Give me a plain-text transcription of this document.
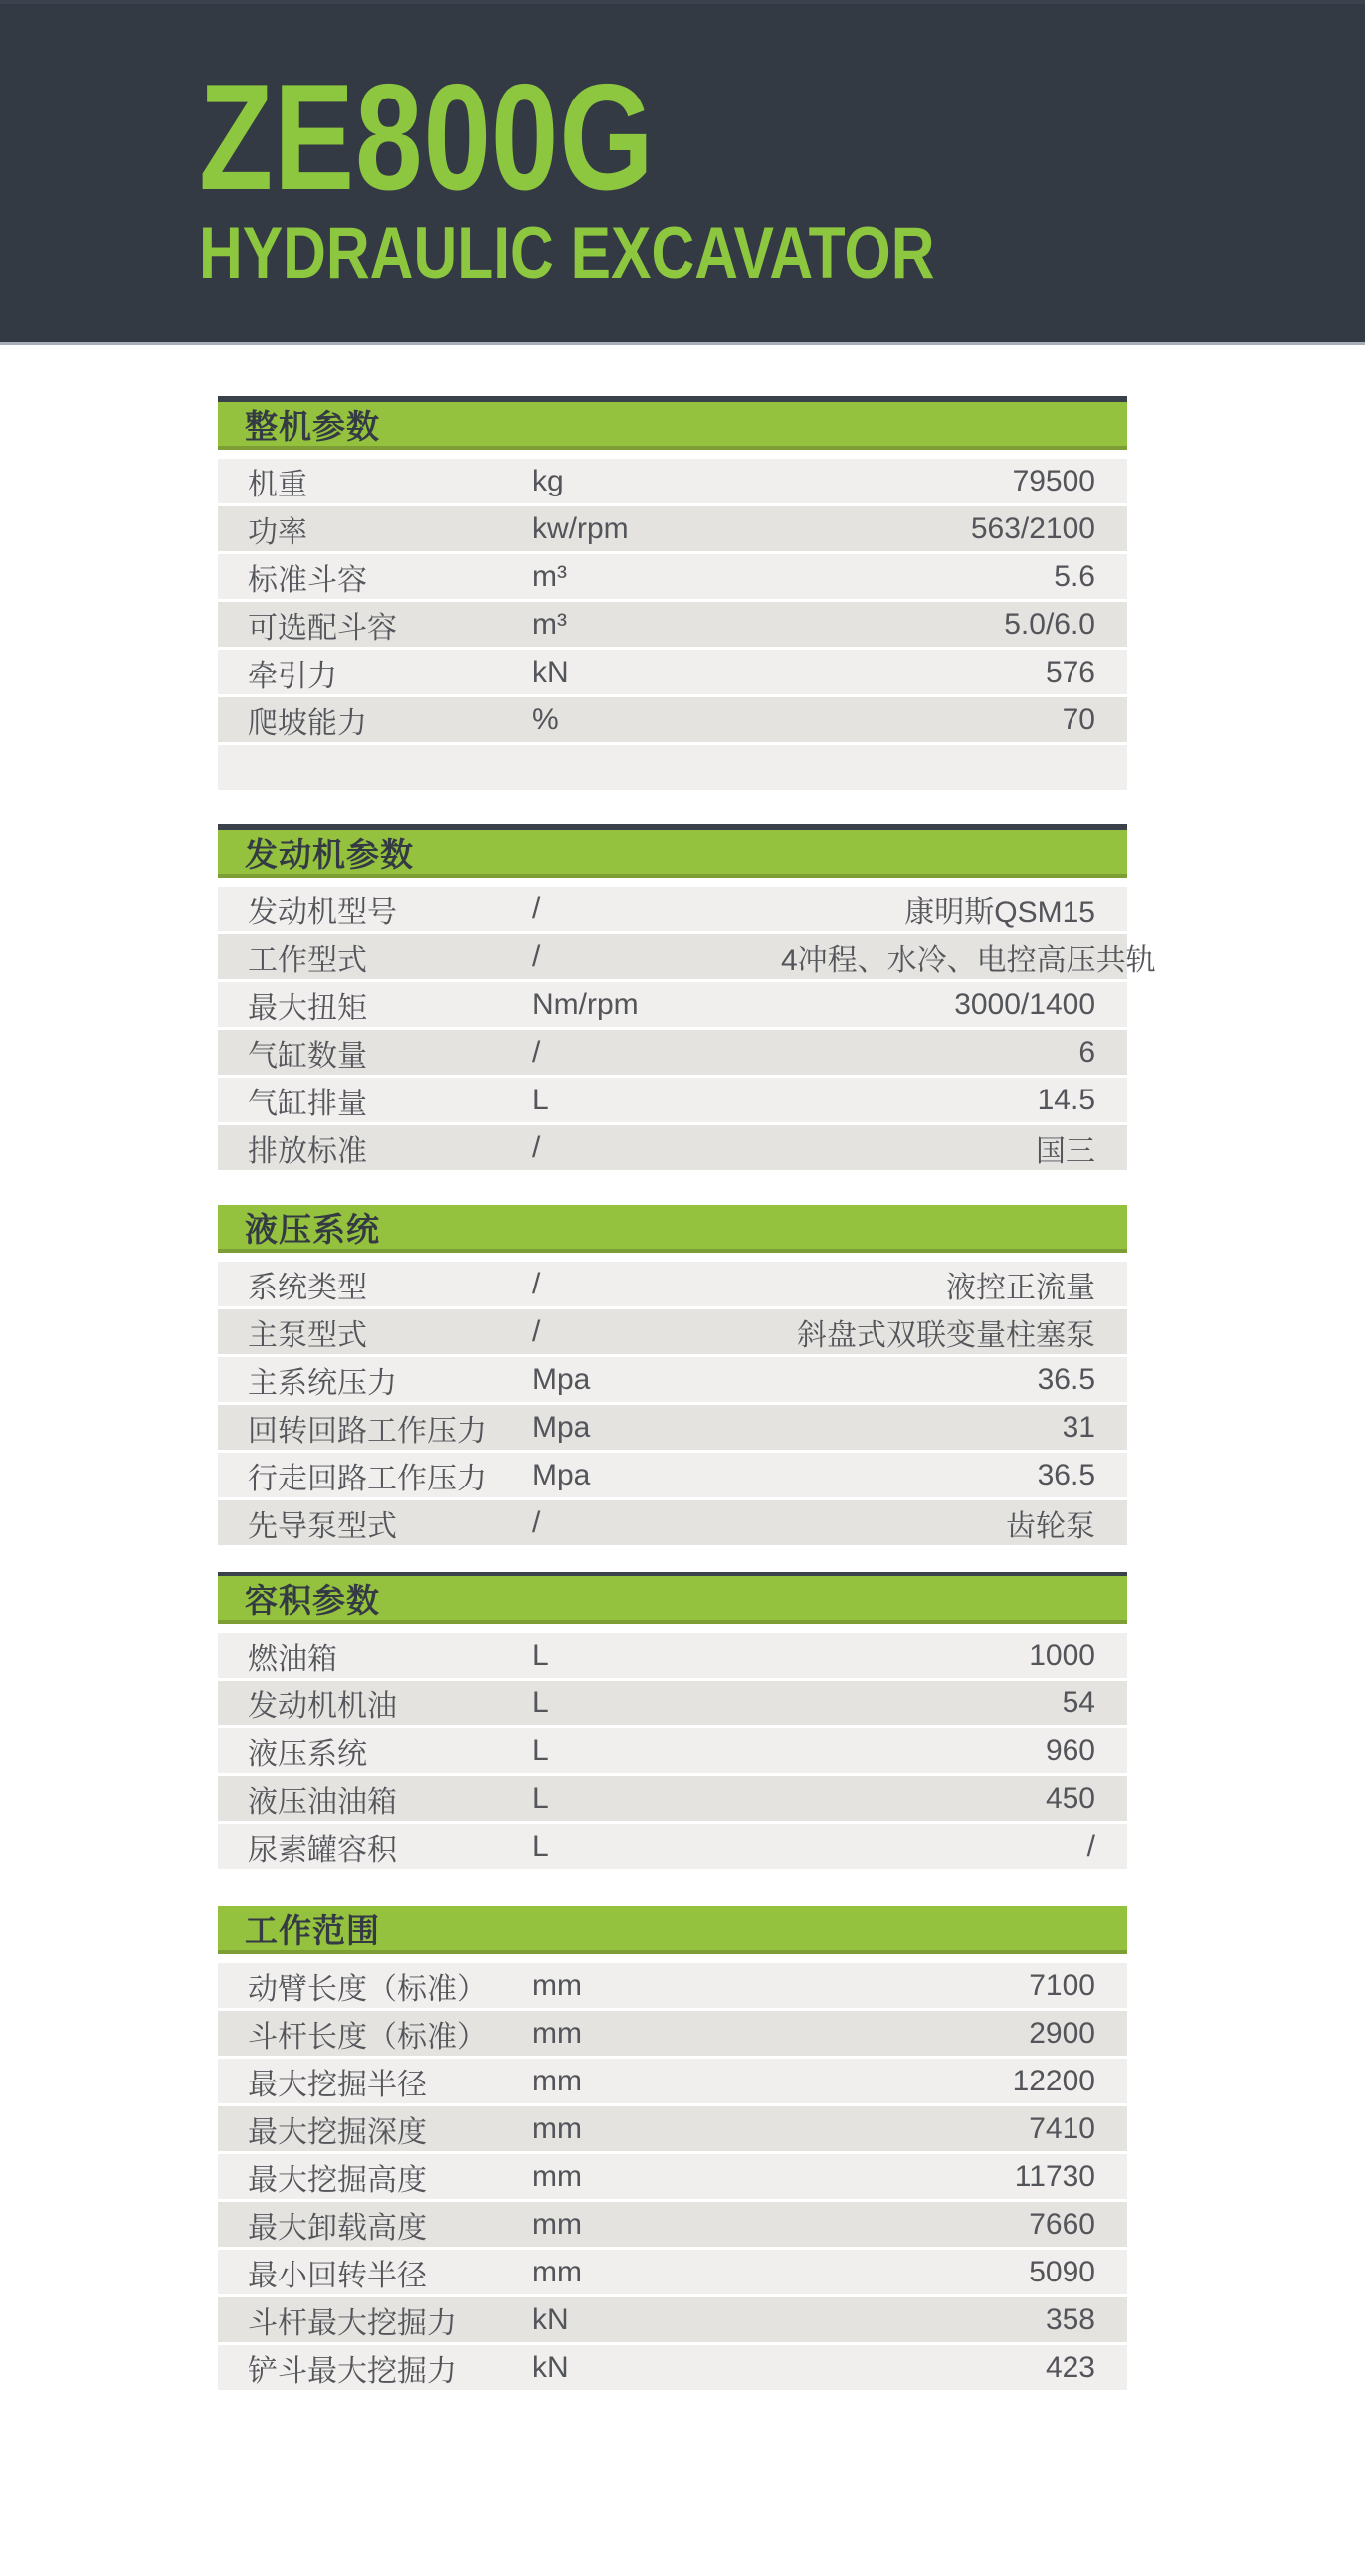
ZE800G
HYDRAULIC EXCAVATOR
整机参数
机重	kg	79500
功率	kw/rpm	563/2100
标准斗容	m³	5.6
可选配斗容	m³	5.0/6.0
牵引力	kN	576
爬坡能力	%	70
发动机参数
发动机型号	/	康明斯QSM15
工作型式	/	4冲程、水冷、电控高压共轨
最大扭矩	Nm/rpm	3000/1400
气缸数量	/	6
气缸排量	L	14.5
排放标准	/	国三
液压系统
系统类型	/	液控正流量
主泵型式	/	斜盘式双联变量柱塞泵
主系统压力	Mpa	36.5
回转回路工作压力	Mpa	31
行走回路工作压力	Mpa	36.5
先导泵型式	/	齿轮泵
容积参数
燃油箱	L	1000
发动机机油	L	54
液压系统	L	960
液压油油箱	L	450
尿素罐容积	L	/
工作范围
动臂长度（标准）	mm	7100
斗杆长度（标准）	mm	2900
最大挖掘半径	mm	12200
最大挖掘深度	mm	7410
最大挖掘高度	mm	11730
最大卸载高度	mm	7660
最小回转半径	mm	5090
斗杆最大挖掘力	kN	358
铲斗最大挖掘力	kN	423
